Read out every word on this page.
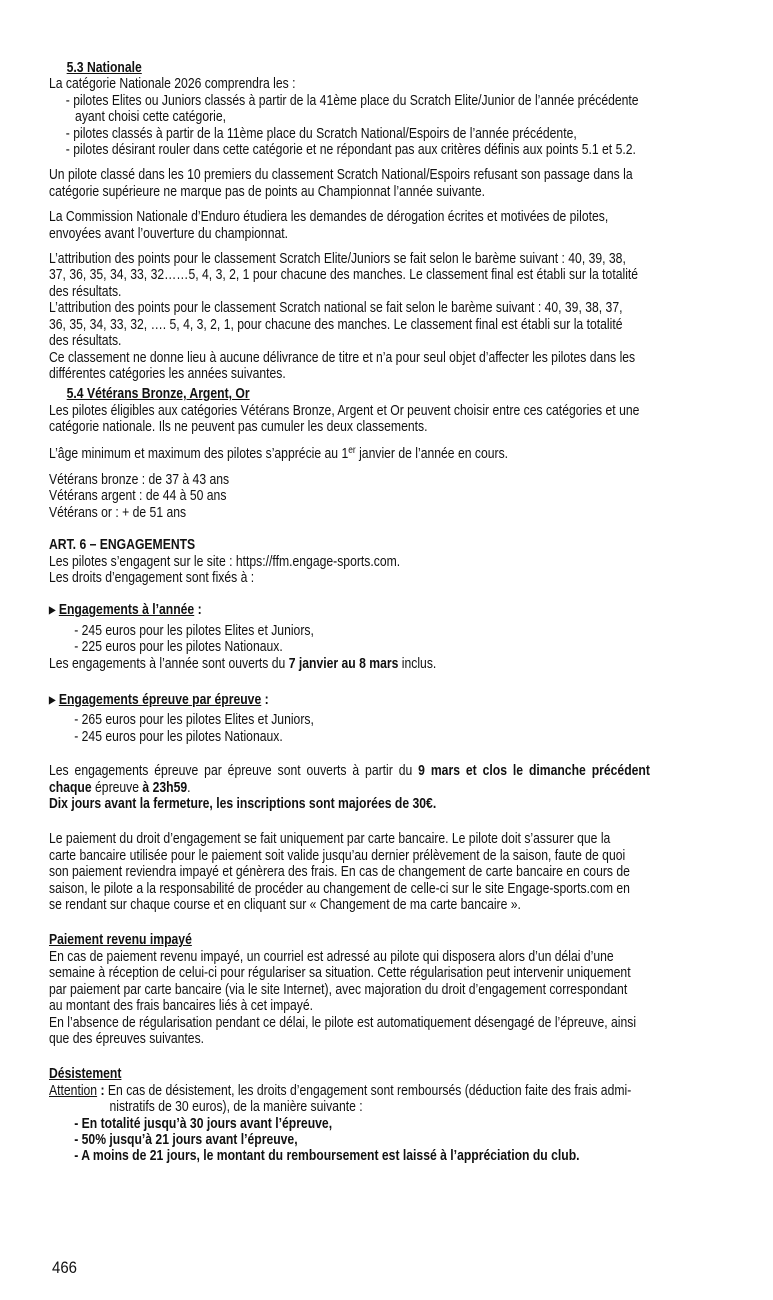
5.3 Nationale
La catégorie Nationale 2026 comprendra les :
- pilotes Elites ou Juniors classés à partir de la 41ème place du Scratch Elite/Junior de l’année précédente
ayant choisi cette catégorie,
- pilotes classés à partir de la 11ème place du Scratch National/Espoirs de l’année précédente,
- pilotes désirant rouler dans cette catégorie et ne répondant pas aux critères définis aux points 5.1 et 5.2.
Un pilote classé dans les 10 premiers du classement Scratch National/Espoirs refusant son passage dans la
catégorie supérieure ne marque pas de points au Championnat l’année suivante.
La Commission Nationale d’Enduro étudiera les demandes de dérogation écrites et motivées de pilotes,
envoyées avant l’ouverture du championnat.
L’attribution des points pour le classement Scratch Elite/Juniors se fait selon le barème suivant : 40, 39, 38,
37, 36, 35, 34, 33, 32……5, 4, 3, 2, 1 pour chacune des manches. Le classement final est établi sur la totalité
des résultats.
L’attribution des points pour le classement Scratch national se fait selon le barème suivant : 40, 39, 38, 37,
36, 35, 34, 33, 32, …. 5, 4, 3, 2, 1, pour chacune des manches. Le classement final est établi sur la totalité
des résultats.
Ce classement ne donne lieu à aucune délivrance de titre et n’a pour seul objet d’affecter les pilotes dans les
différentes catégories les années suivantes.
5.4 Vétérans Bronze, Argent, Or
Les pilotes éligibles aux catégories Vétérans Bronze, Argent et Or peuvent choisir entre ces catégories et une
catégorie nationale. Ils ne peuvent pas cumuler les deux classements.
L’âge minimum et maximum des pilotes s’apprécie au 1er janvier de l’année en cours.
Vétérans bronze : de 37 à 43 ans
Vétérans argent : de 44 à 50 ans
Vétérans or : + de 51 ans
ART. 6 – ENGAGEMENTS
Les pilotes s’engagent sur le site : https://ffm.engage-sports.com.
Les droits d’engagement sont fixés à :
▶ Engagements à l’année :
- 245 euros pour les pilotes Elites et Juniors,
- 225 euros pour les pilotes Nationaux.
Les engagements à l’année sont ouverts du 7 janvier au 8 mars inclus.
▶ Engagements épreuve par épreuve :
- 265 euros pour les pilotes Elites et Juniors,
- 245 euros pour les pilotes Nationaux.
Les engagements épreuve par épreuve sont ouverts à partir du 9 mars et clos le dimanche précédent
chaque épreuve à 23h59.
Dix jours avant la fermeture, les inscriptions sont majorées de 30€.
Le paiement du droit d’engagement se fait uniquement par carte bancaire. Le pilote doit s’assurer que la
carte bancaire utilisée pour le paiement soit valide jusqu’au dernier prélèvement de la saison, faute de quoi
son paiement reviendra impayé et génèrera des frais. En cas de changement de carte bancaire en cours de
saison, le pilote a la responsabilité de procéder au changement de celle-ci sur le site Engage-sports.com en
se rendant sur chaque course et en cliquant sur « Changement de ma carte bancaire ».
Paiement revenu impayé
En cas de paiement revenu impayé, un courriel est adressé au pilote qui disposera alors d’un délai d’une
semaine à réception de celui-ci pour régulariser sa situation. Cette régularisation peut intervenir uniquement
par paiement par carte bancaire (via le site Internet), avec majoration du droit d’engagement correspondant
au montant des frais bancaires liés à cet impayé.
En l’absence de régularisation pendant ce délai, le pilote est automatiquement désengagé de l’épreuve, ainsi
que des épreuves suivantes.
Désistement
Attention : En cas de désistement, les droits d’engagement sont remboursés (déduction faite des frais admi-
nistratifs de 30 euros), de la manière suivante :
- En totalité jusqu’à 30 jours avant l’épreuve,
- 50% jusqu’à 21 jours avant l’épreuve,
- A moins de 21 jours, le montant du remboursement est laissé à l’appréciation du club.
466
